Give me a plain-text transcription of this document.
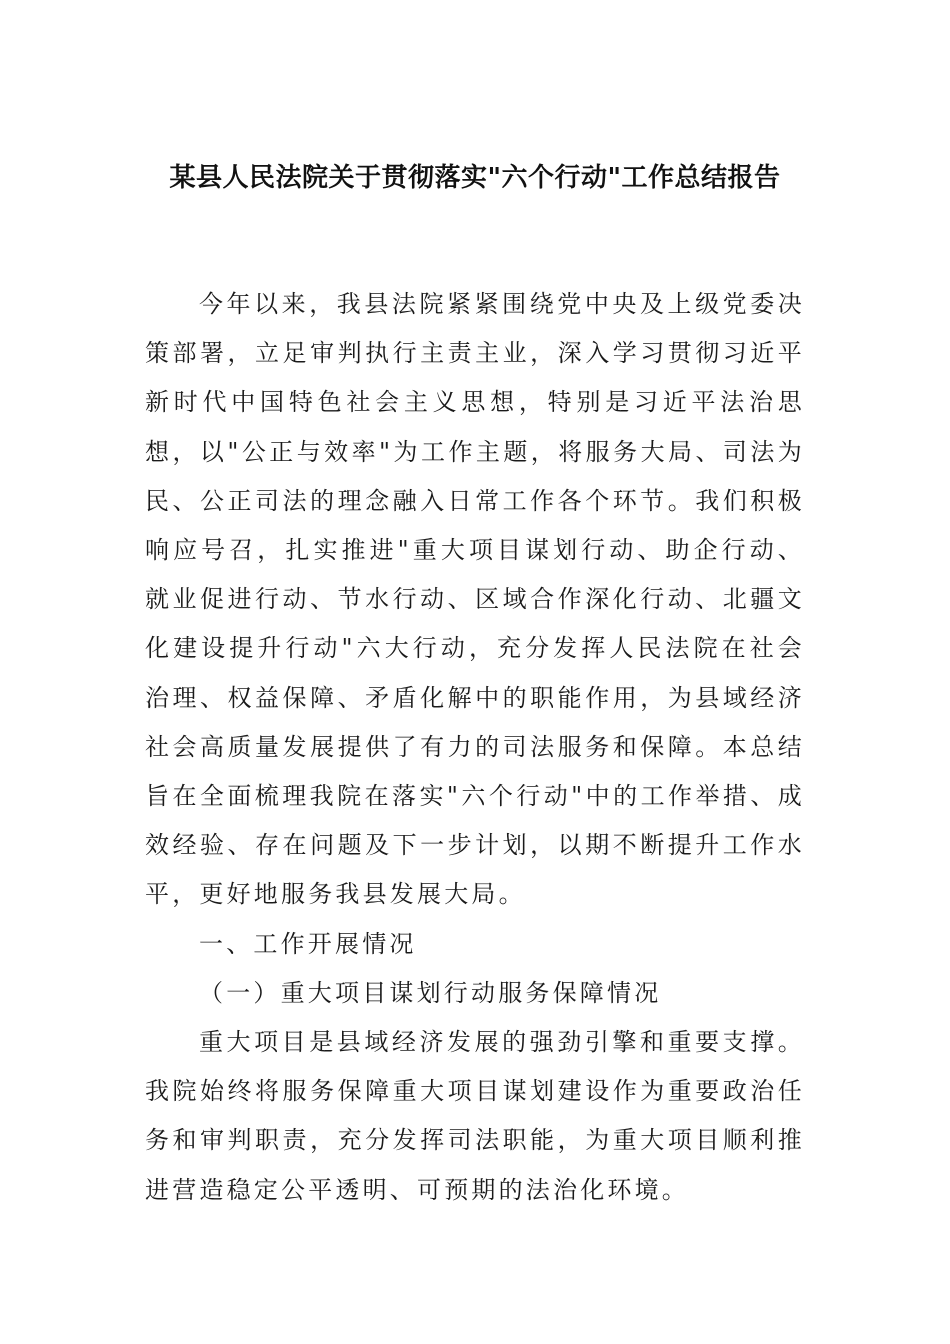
某县人民法院关于贯彻落实"六个行动"工作总结报告

今年以来，我县法院紧紧围绕党中央及上级党委决策部署，立足审判执行主责主业，深入学习贯彻习近平新时代中国特色社会主义思想，特别是习近平法治思想，以"公正与效率"为工作主题，将服务大局、司法为民、公正司法的理念融入日常工作各个环节。我们积极响应号召，扎实推进"重大项目谋划行动、助企行动、就业促进行动、节水行动、区域合作深化行动、北疆文化建设提升行动"六大行动，充分发挥人民法院在社会治理、权益保障、矛盾化解中的职能作用，为县域经济社会高质量发展提供了有力的司法服务和保障。本总结旨在全面梳理我院在落实"六个行动"中的工作举措、成效经验、存在问题及下一步计划，以期不断提升工作水平，更好地服务我县发展大局。

一、工作开展情况

（一）重大项目谋划行动服务保障情况

重大项目是县域经济发展的强劲引擎和重要支撑。我院始终将服务保障重大项目谋划建设作为重要政治任务和审判职责，充分发挥司法职能，为重大项目顺利推进营造稳定公平透明、可预期的法治化环境。
